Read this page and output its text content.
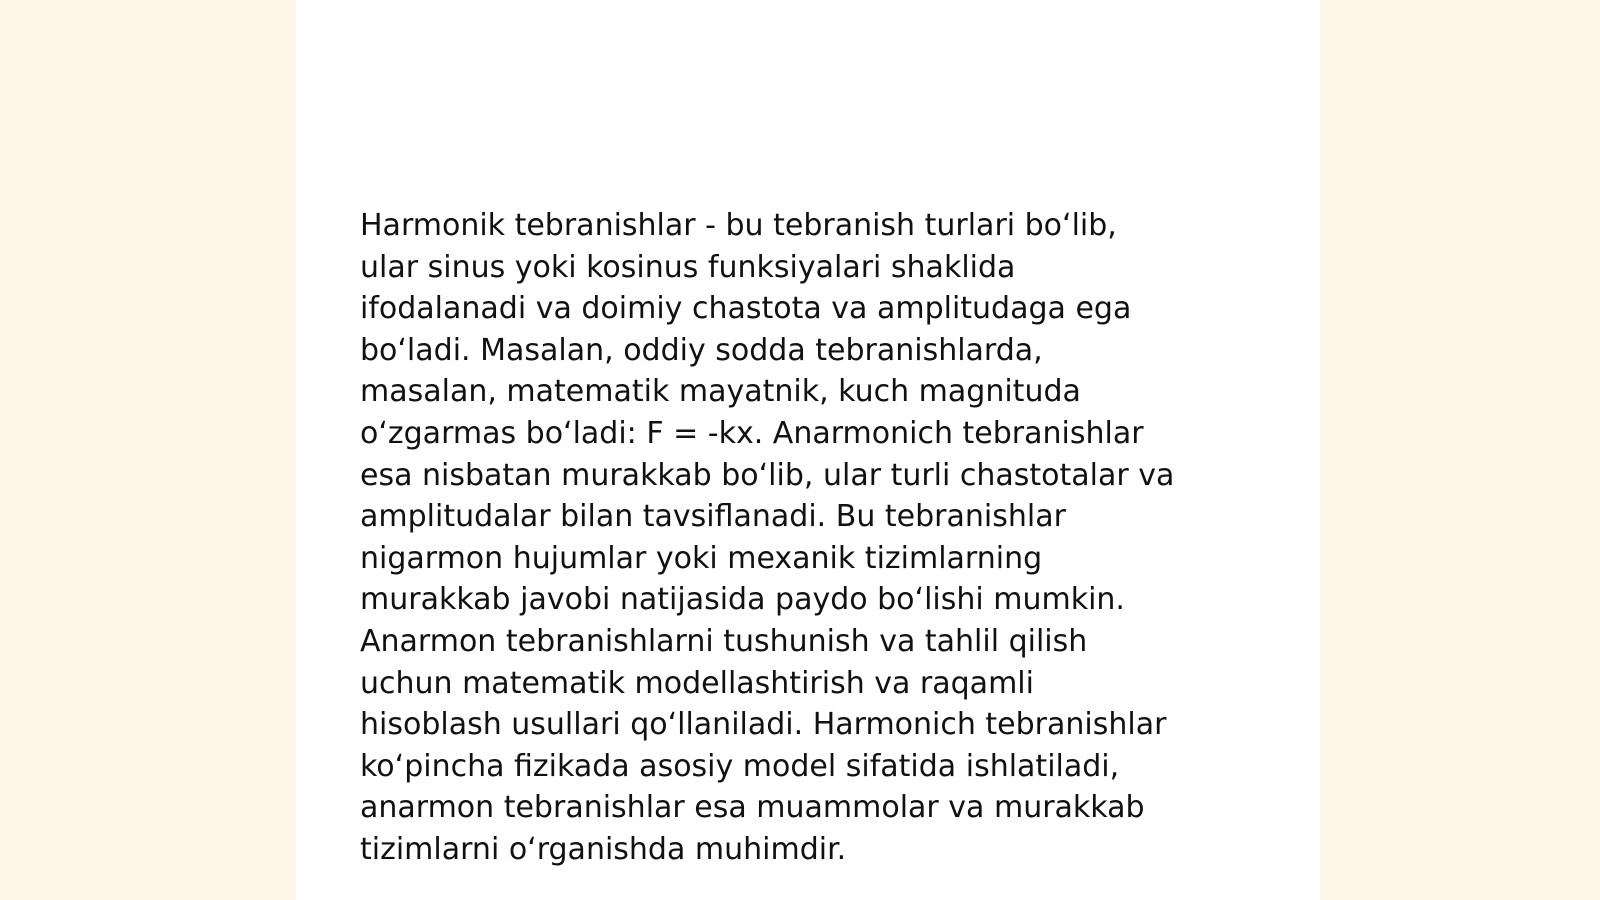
Harmonik tebranishlar - bu tebranish turlari bo‘lib,
ular sinus yoki kosinus funksiyalari shaklida
ifodalanadi va doimiy chastota va amplitudaga ega
bo‘ladi. Masalan, oddiy sodda tebranishlarda,
masalan, matematik mayatnik, kuch magnituda
o‘zgarmas bo‘ladi: F = -kx. Anarmonich tebranishlar
esa nisbatan murakkab bo‘lib, ular turli chastotalar va
amplitudalar bilan tavsiflanadi. Bu tebranishlar
nigarmon hujumlar yoki mexanik tizimlarning
murakkab javobi natijasida paydo bo‘lishi mumkin.
Anarmon tebranishlarni tushunish va tahlil qilish
uchun matematik modellashtirish va raqamli
hisoblash usullari qo‘llaniladi. Harmonich tebranishlar
ko‘pincha fizikada asosiy model sifatida ishlatiladi,
anarmon tebranishlar esa muammolar va murakkab
tizimlarni o‘rganishda muhimdir.
